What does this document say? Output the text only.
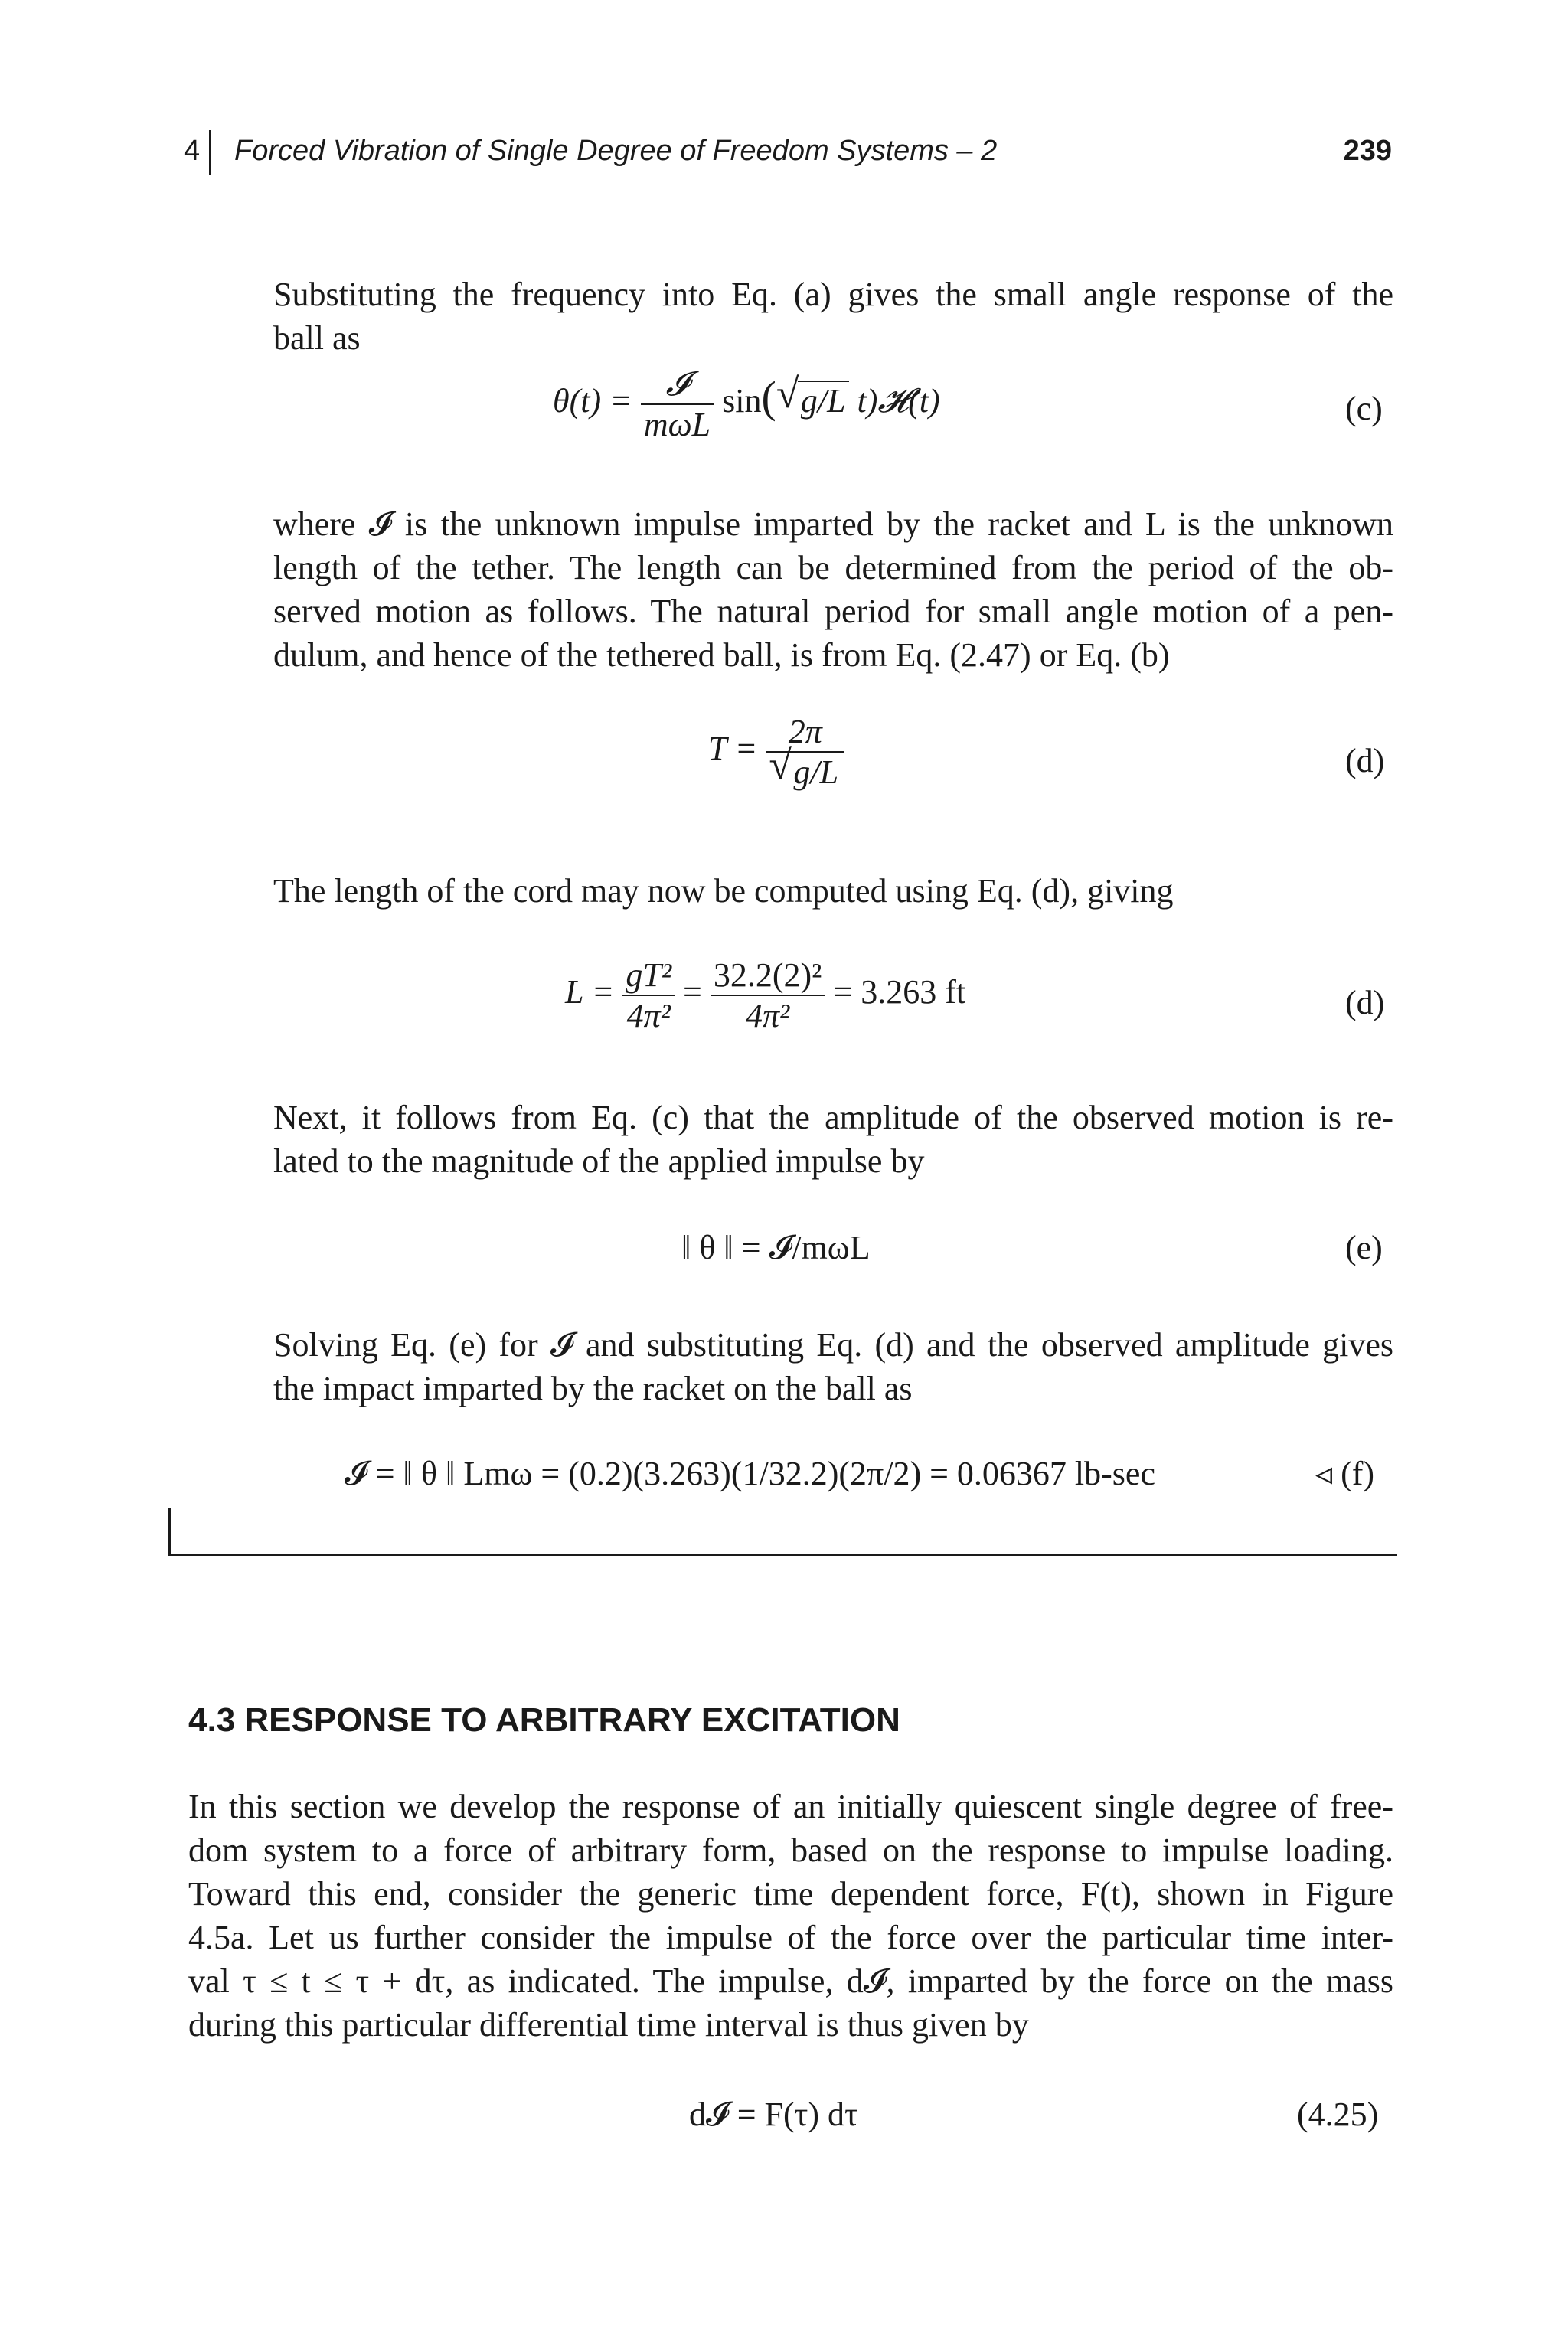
4 Forced Vibration of Single Degree of Freedom Systems – 2	239
Substituting the frequency into Eq. (a) gives the small angle response of the
ball as
$\theta(t) = \frac{\text{𝓘}}{\text{mωL}} \sin$( √ g/L t)𝓗(t)	(c)
where 𝓘 is the unknown impulse imparted by the racket and L is the unknown
length of the tether. The length can be determined from the period of the ob-
served motion as follows. The natural period for small angle motion of a pen-
dulum, and hence of the tethered ball, is from Eq. (2.47) or Eq. (b)
$T = \frac{2\pi}{√ g/L}$	(d)
The length of the cord may now be computed using Eq. (d), giving
$L = \frac{\text{gT²}}{\text{4π²}} = \frac{\text{32.2(2)²}}{\text{4π²}} = 3.263$ ft	(d)
Next, it follows from Eq. (c) that the amplitude of the observed motion is re-
lated to the magnitude of the applied impulse by
‖ θ ‖ = 𝓘/mωL	(e)
Solving Eq. (e) for 𝓘 and substituting Eq. (d) and the observed amplitude gives
the impact imparted by the racket on the ball as
𝓘 = ‖ θ ‖ Lmω = (0.2)(3.263)(1/32.2)(2π/2) = 0.06367 lb-sec	◃ (f)
4.3 RESPONSE TO ARBITRARY EXCITATION
In this section we develop the response of an initially quiescent single degree of free-
dom system to a force of arbitrary form, based on the response to impulse loading.
Toward this end, consider the generic time dependent force, F(t), shown in Figure
4.5a. Let us further consider the impulse of the force over the particular time inter-
val τ ≤ t ≤ τ + dτ, as indicated. The impulse, d𝓘, imparted by the force on the mass
during this particular differential time interval is thus given by
d𝓘 = F(τ) dτ	(4.25)
